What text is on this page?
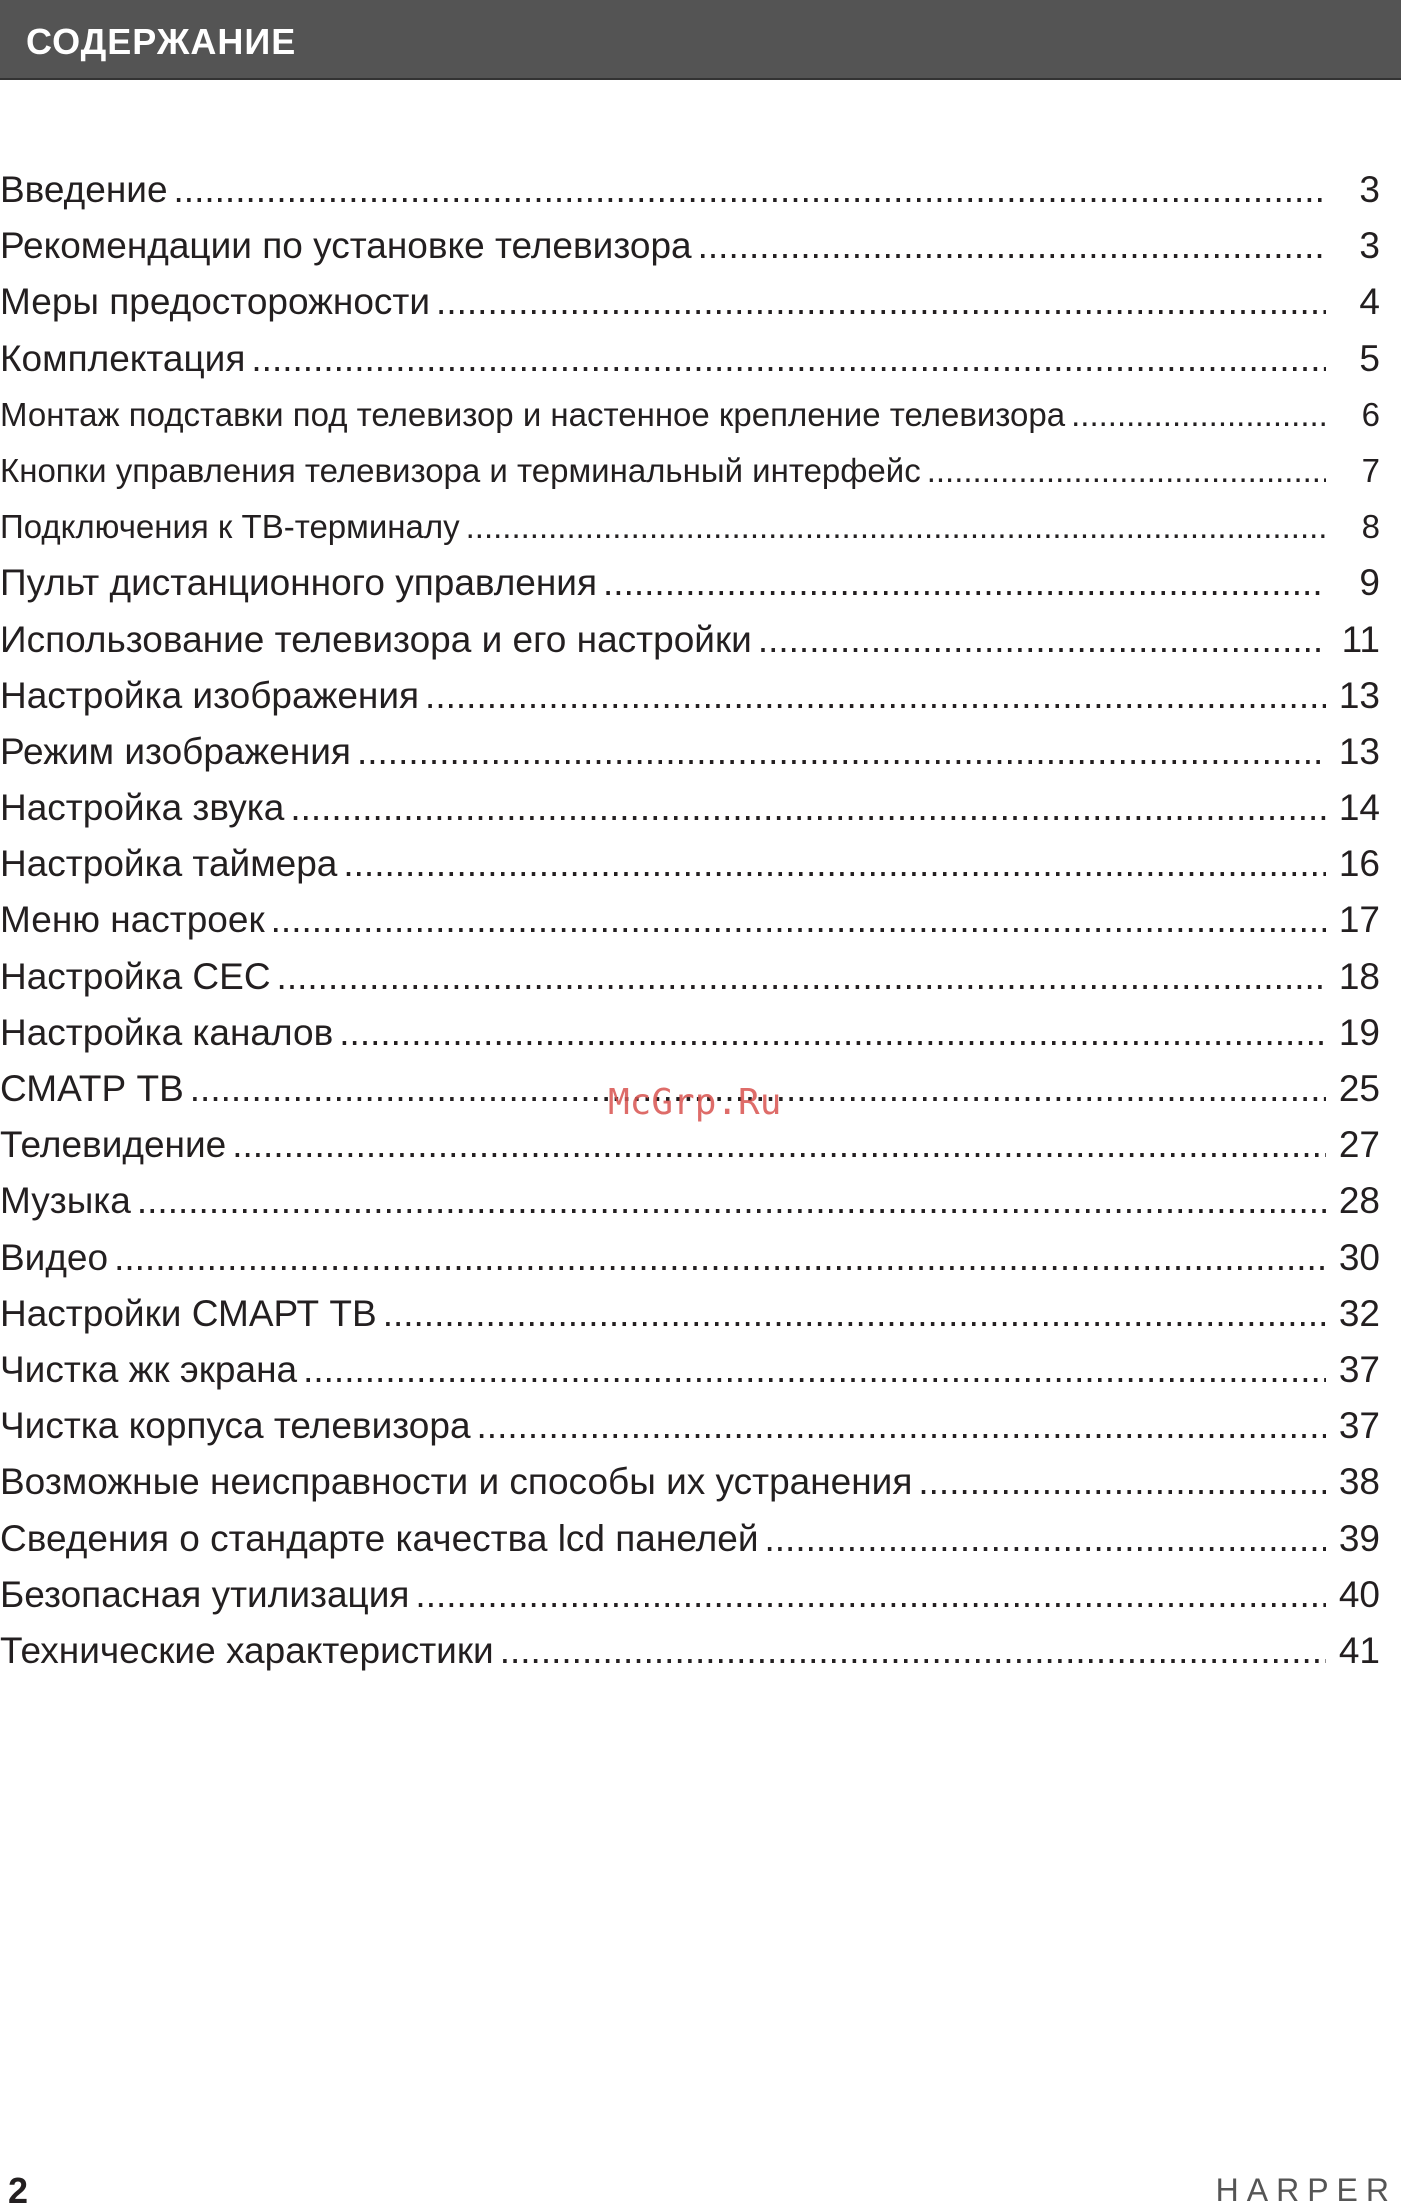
СОДЕРЖАНИЕ
Введение .....	3
Рекомендации по установке телевизора .....	3
Меры предосторожности .....	4
Комплектация .....	5
Монтаж подставки под телевизор и настенное крепление телевизора .....	6
Кнопки управления телевизора и терминальный интерфейс .....	7
Подключения к ТВ-терминалу .....	8
Пульт дистанционного управления .....	9
Использование телевизора и его настройки .....	11
Настройка изображения .....	13
Режим изображения .....	13
Настройка звука .....	14
Настройка таймера .....	16
Меню настроек .....	17
Настройка CEC .....	18
Настройка каналов .....	19
СМАТР ТВ .....	25
Телевидение .....	27
Музыка .....	28
Видео .....	30
Настройки СМАРТ ТВ .....	32
Чистка жк экрана .....	37
Чистка корпуса телевизора .....	37
Возможные неисправности и способы их устранения .....	38
Сведения о стандарте качества lcd панелей .....	39
Безопасная утилизация .....	40
Технические характеристики .....	41
McGrp.Ru
2	HARPER
